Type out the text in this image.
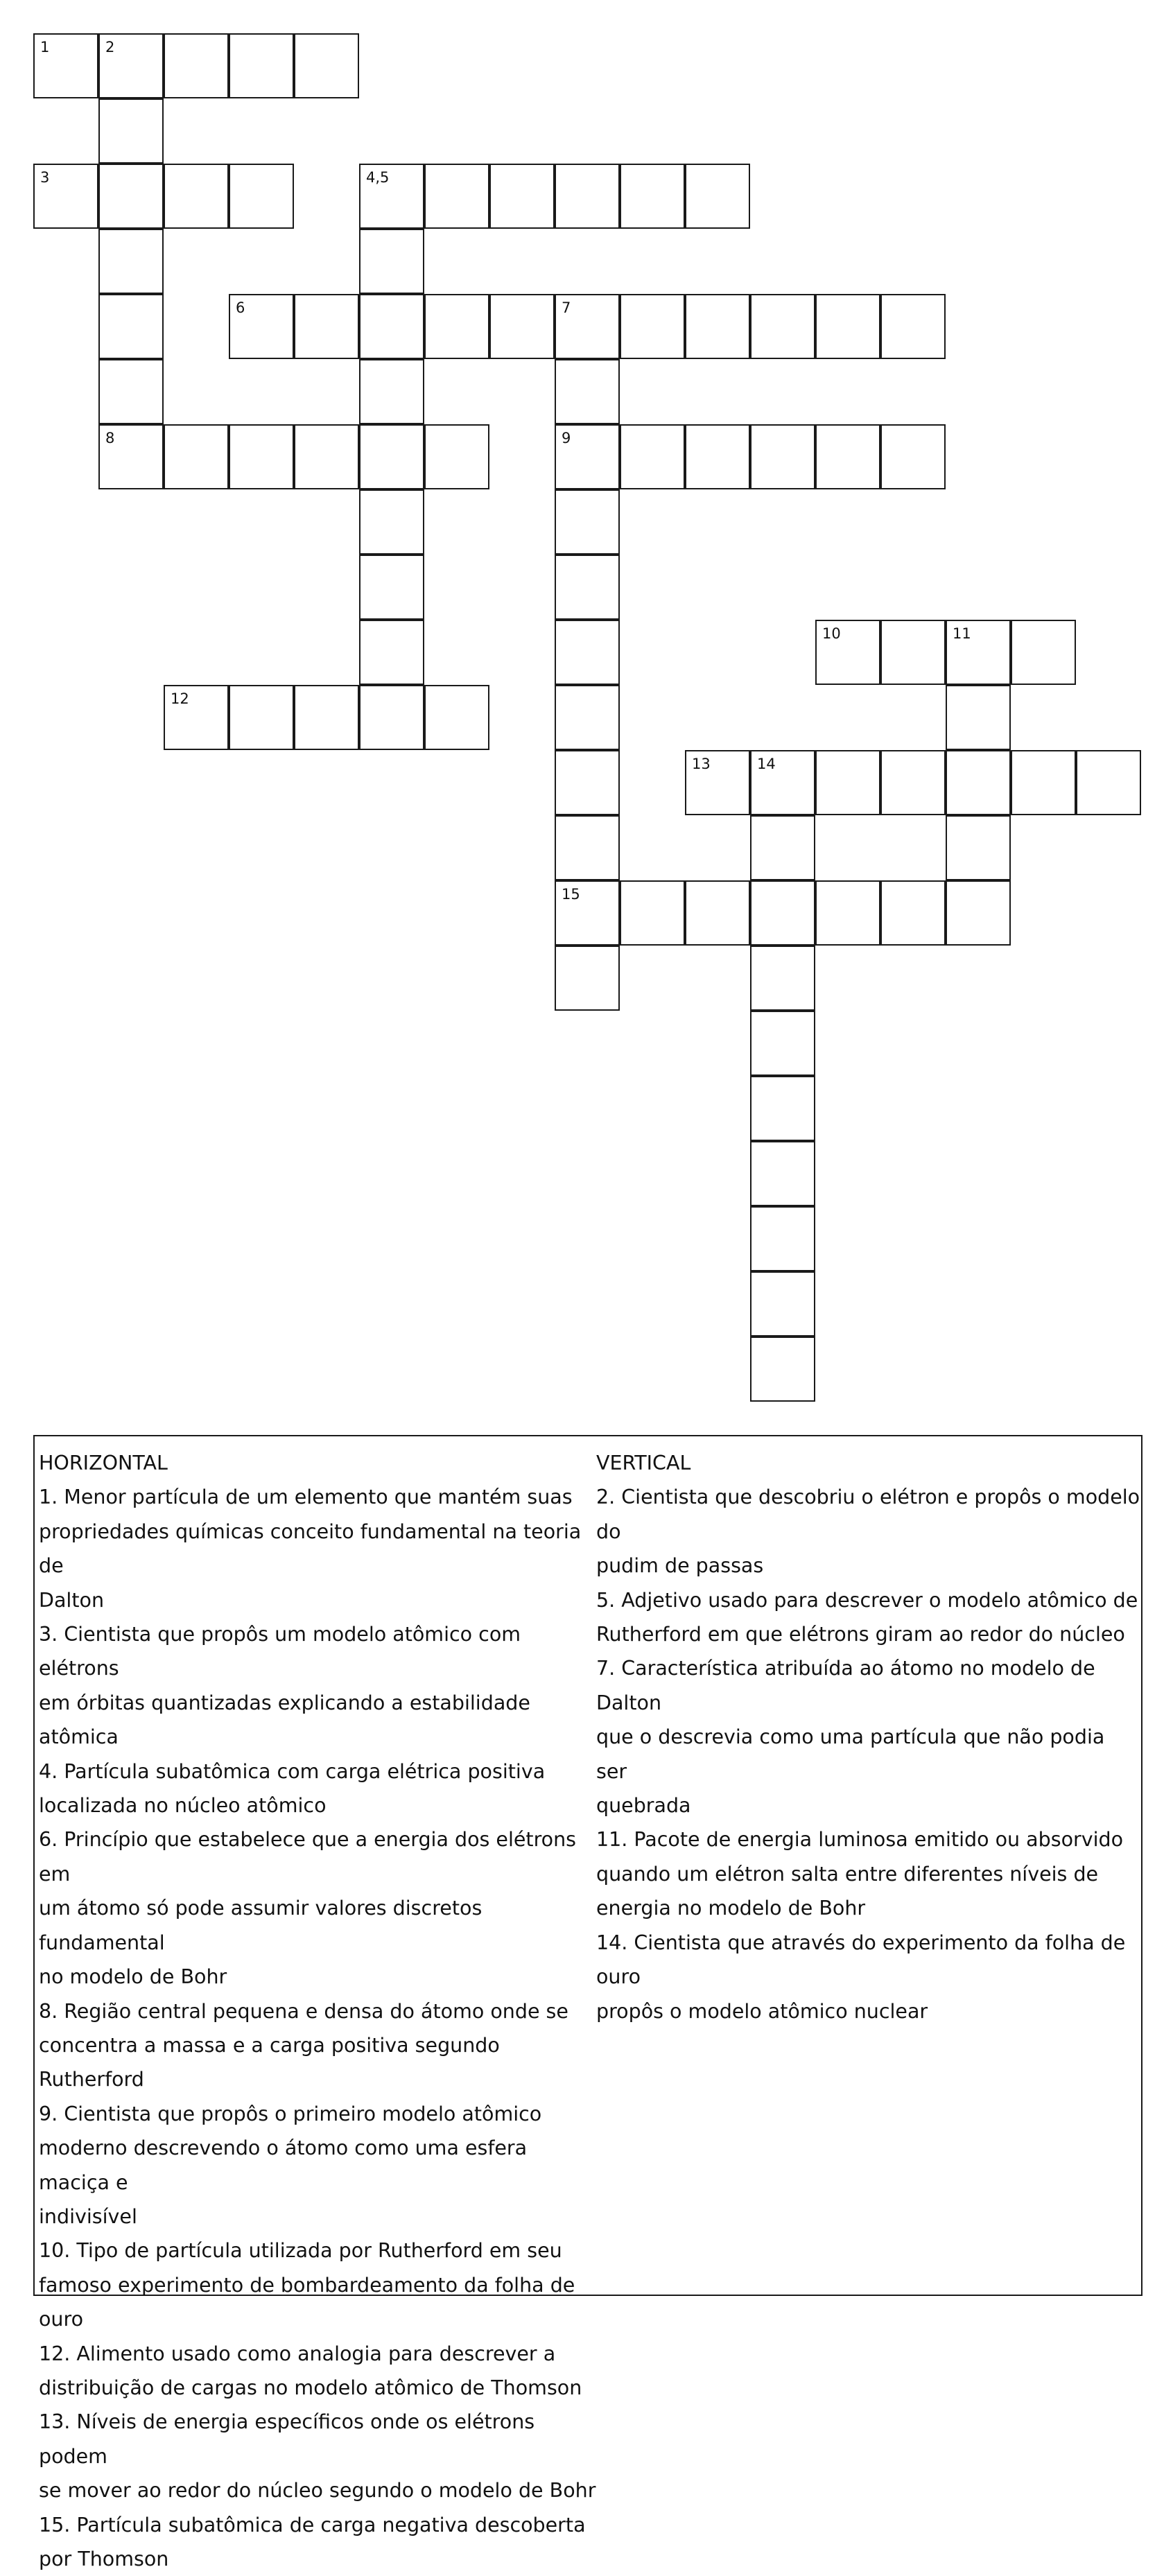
1	2
3	4,5
6	7
9
15
8
10	11
12
13	14
HORIZONTAL
1. Menor partícula de um elemento que mantém suas
propriedades químicas conceito fundamental na teoria de
Dalton
3. Cientista que propôs um modelo atômico com elétrons
em órbitas quantizadas explicando a estabilidade atômica
4. Partícula subatômica com carga elétrica positiva
localizada no núcleo atômico
6. Princípio que estabelece que a energia dos elétrons em
um átomo só pode assumir valores discretos fundamental
no modelo de Bohr
8. Região central pequena e densa do átomo onde se
concentra a massa e a carga positiva segundo Rutherford
9. Cientista que propôs o primeiro modelo atômico
moderno descrevendo o átomo como uma esfera maciça e
indivisível
10. Tipo de partícula utilizada por Rutherford em seu
famoso experimento de bombardeamento da folha de ouro
12. Alimento usado como analogia para descrever a
distribuição de cargas no modelo atômico de Thomson
13. Níveis de energia específicos onde os elétrons podem
se mover ao redor do núcleo segundo o modelo de Bohr
15. Partícula subatômica de carga negativa descoberta
por Thomson
VERTICAL
2. Cientista que descobriu o elétron e propôs o modelo do
pudim de passas
5. Adjetivo usado para descrever o modelo atômico de
Rutherford em que elétrons giram ao redor do núcleo
7. Característica atribuída ao átomo no modelo de Dalton
que o descrevia como uma partícula que não podia ser
quebrada
11. Pacote de energia luminosa emitido ou absorvido
quando um elétron salta entre diferentes níveis de
energia no modelo de Bohr
14. Cientista que através do experimento da folha de ouro
propôs o modelo atômico nuclear
